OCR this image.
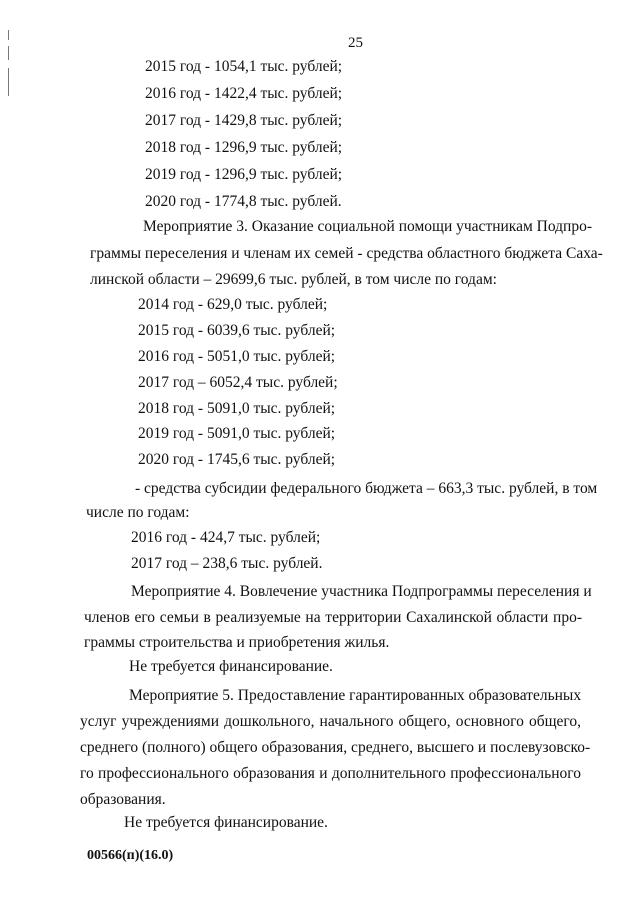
25
2015 год - 1054,1 тыс. рублей;
2016 год - 1422,4 тыс. рублей;
2017 год - 1429,8 тыс. рублей;
2018 год - 1296,9 тыс. рублей;
2019 год - 1296,9 тыс. рублей;
2020 год - 1774,8 тыс. рублей.
Мероприятие 3. Оказание социальной помощи участникам Подпро-
граммы переселения и членам их семей - средства областного бюджета Саха-
линской области – 29699,6 тыс. рублей, в том числе по годам:
2014 год - 629,0 тыс. рублей;
2015 год - 6039,6 тыс. рублей;
2016 год - 5051,0 тыс. рублей;
2017 год – 6052,4 тыс. рублей;
2018 год - 5091,0 тыс. рублей;
2019 год - 5091,0 тыс. рублей;
2020 год - 1745,6 тыс. рублей;
- средства субсидии федерального бюджета – 663,3 тыс. рублей, в том
числе по годам:
2016 год - 424,7 тыс. рублей;
2017 год – 238,6 тыс. рублей.
Мероприятие 4. Вовлечение участника Подпрограммы переселения и
членов его семьи в реализуемые на территории Сахалинской области про-
граммы строительства и приобретения жилья.
Не требуется финансирование.
Мероприятие 5. Предоставление гарантированных образовательных
услуг учреждениями дошкольного, начального общего, основного общего,
среднего (полного) общего образования, среднего, высшего и послевузовско-
го профессионального образования и дополнительного профессионального
образования.
Не требуется финансирование.
00566(п)(16.0)
